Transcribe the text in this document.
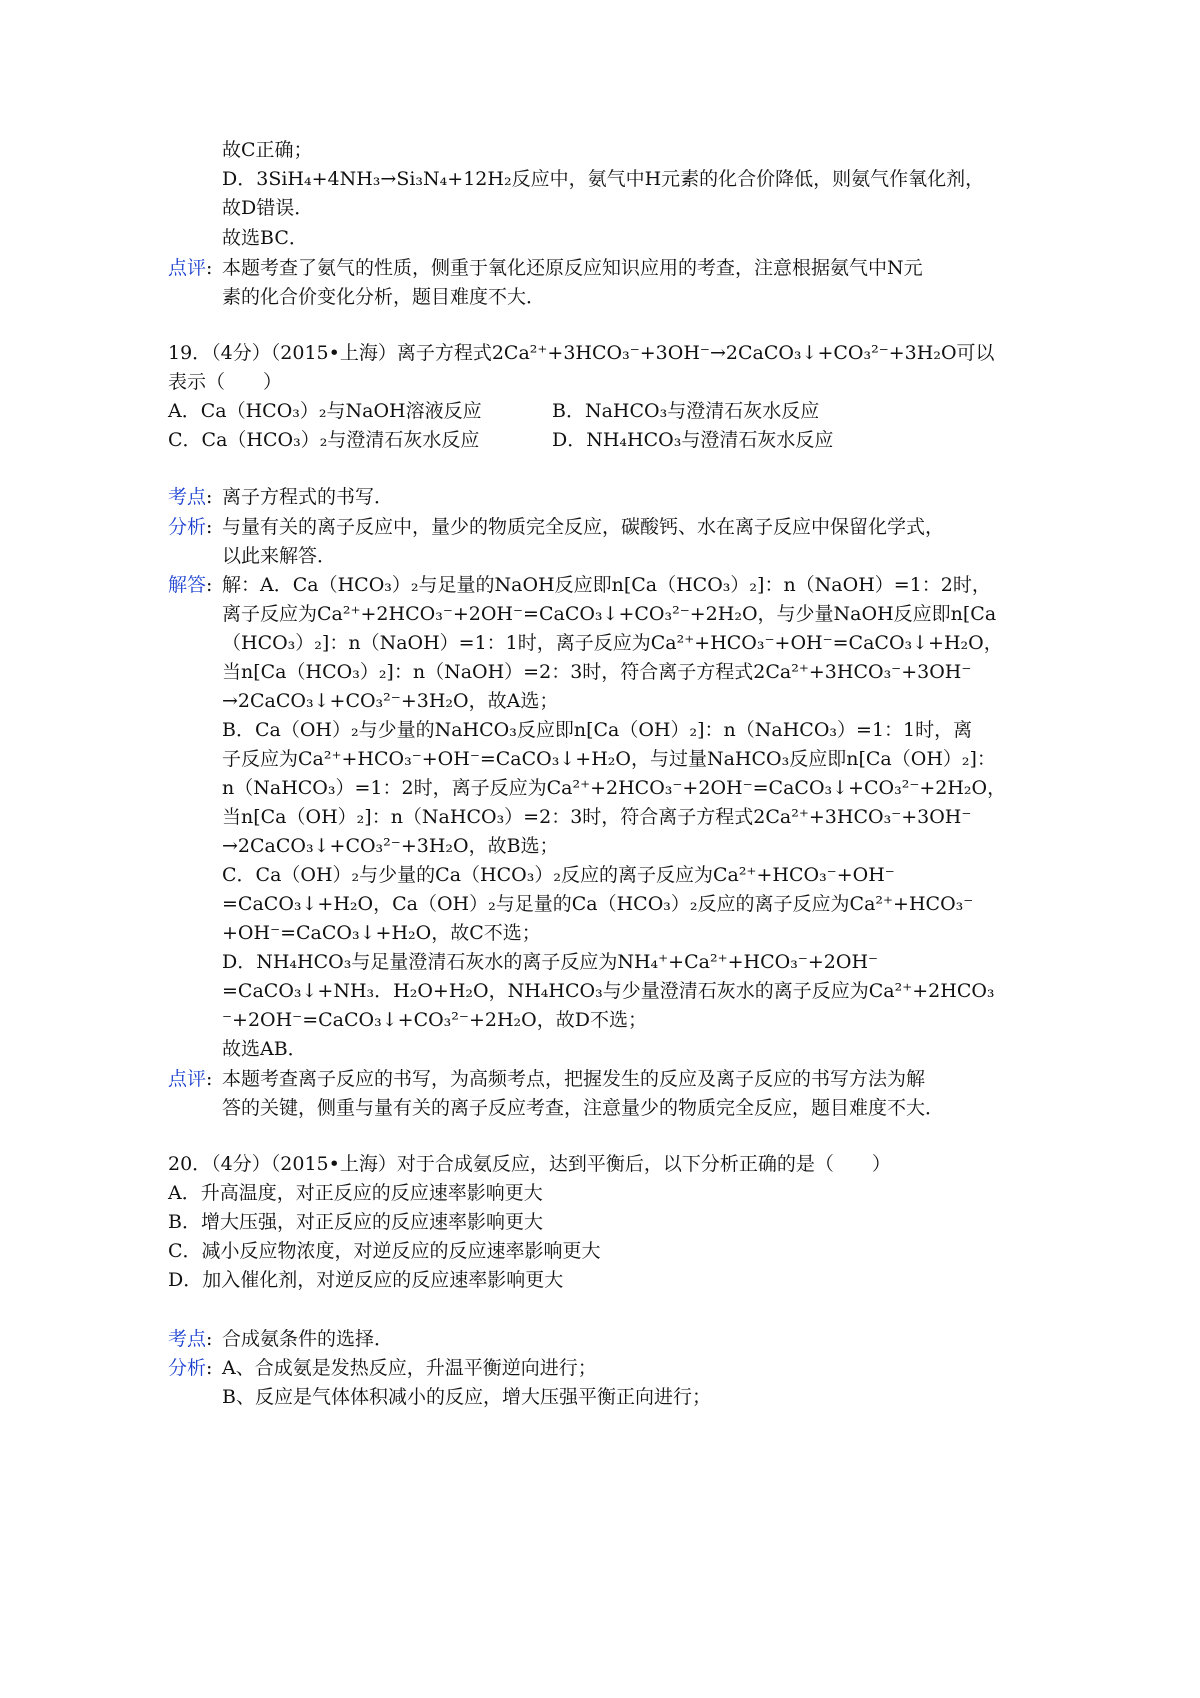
故C正确；
D．3SiH₄+4NH₃→Si₃N₄+12H₂反应中，氨气中H元素的化合价降低，则氨气作氧化剂，
故D错误．
故选BC．
点评 : 本题考查了氨气的性质，侧重于氧化还原反应知识应用的考查，注意根据氨气中N元
素的化合价变化分析，题目难度不大．
19．（4分）（2015•上海）离子方程式2Ca²⁺+3HCO₃⁻+3OH⁻→2CaCO₃↓+CO₃²⁻+3H₂O可以
表示（　　）
A．Ca（HCO₃）₂与NaOH溶液反应	B．NaHCO₃与澄清石灰水反应
C．Ca（HCO₃）₂与澄清石灰水反应	D．NH₄HCO₃与澄清石灰水反应
考点 : 离子方程式的书写．
分析 : 与量有关的离子反应中，量少的物质完全反应，碳酸钙、水在离子反应中保留化学式，
以此来解答．
解答 : 解：A．Ca（HCO₃）₂与足量的NaOH反应即n[Ca（HCO₃）₂]：n（NaOH）=1：2时，
离子反应为Ca²⁺+2HCO₃⁻+2OH⁻=CaCO₃↓+CO₃²⁻+2H₂O，与少量NaOH反应即n[Ca
（HCO₃）₂]：n（NaOH）=1：1时，离子反应为Ca²⁺+HCO₃⁻+OH⁻=CaCO₃↓+H₂O，
当n[Ca（HCO₃）₂]：n（NaOH）=2：3时，符合离子方程式2Ca²⁺+3HCO₃⁻+3OH⁻
→2CaCO₃↓+CO₃²⁻+3H₂O，故A选；
B．Ca（OH）₂与少量的NaHCO₃反应即n[Ca（OH）₂]：n（NaHCO₃）=1：1时，离
子反应为Ca²⁺+HCO₃⁻+OH⁻=CaCO₃↓+H₂O，与过量NaHCO₃反应即n[Ca（OH）₂]：
n（NaHCO₃）=1：2时，离子反应为Ca²⁺+2HCO₃⁻+2OH⁻=CaCO₃↓+CO₃²⁻+2H₂O，
当n[Ca（OH）₂]：n（NaHCO₃）=2：3时，符合离子方程式2Ca²⁺+3HCO₃⁻+3OH⁻
→2CaCO₃↓+CO₃²⁻+3H₂O，故B选；
C．Ca（OH）₂与少量的Ca（HCO₃）₂反应的离子反应为Ca²⁺+HCO₃⁻+OH⁻
=CaCO₃↓+H₂O，Ca（OH）₂与足量的Ca（HCO₃）₂反应的离子反应为Ca²⁺+HCO₃⁻
+OH⁻=CaCO₃↓+H₂O，故C不选；
D．NH₄HCO₃与足量澄清石灰水的离子反应为NH₄⁺+Ca²⁺+HCO₃⁻+2OH⁻
=CaCO₃↓+NH₃．H₂O+H₂O，NH₄HCO₃与少量澄清石灰水的离子反应为Ca²⁺+2HCO₃
⁻+2OH⁻=CaCO₃↓+CO₃²⁻+2H₂O，故D不选；
故选AB．
点评 : 本题考查离子反应的书写，为高频考点，把握发生的反应及离子反应的书写方法为解
答的关键，侧重与量有关的离子反应考查，注意量少的物质完全反应，题目难度不大．
20．（4分）（2015•上海）对于合成氨反应，达到平衡后，以下分析正确的是（　　）
A．升高温度，对正反应的反应速率影响更大
B．增大压强，对正反应的反应速率影响更大
C．减小反应物浓度，对逆反应的反应速率影响更大
D．加入催化剂，对逆反应的反应速率影响更大
考点 : 合成氨条件的选择．
分析 : A、合成氨是发热反应，升温平衡逆向进行；
B、反应是气体体积减小的反应，增大压强平衡正向进行；
